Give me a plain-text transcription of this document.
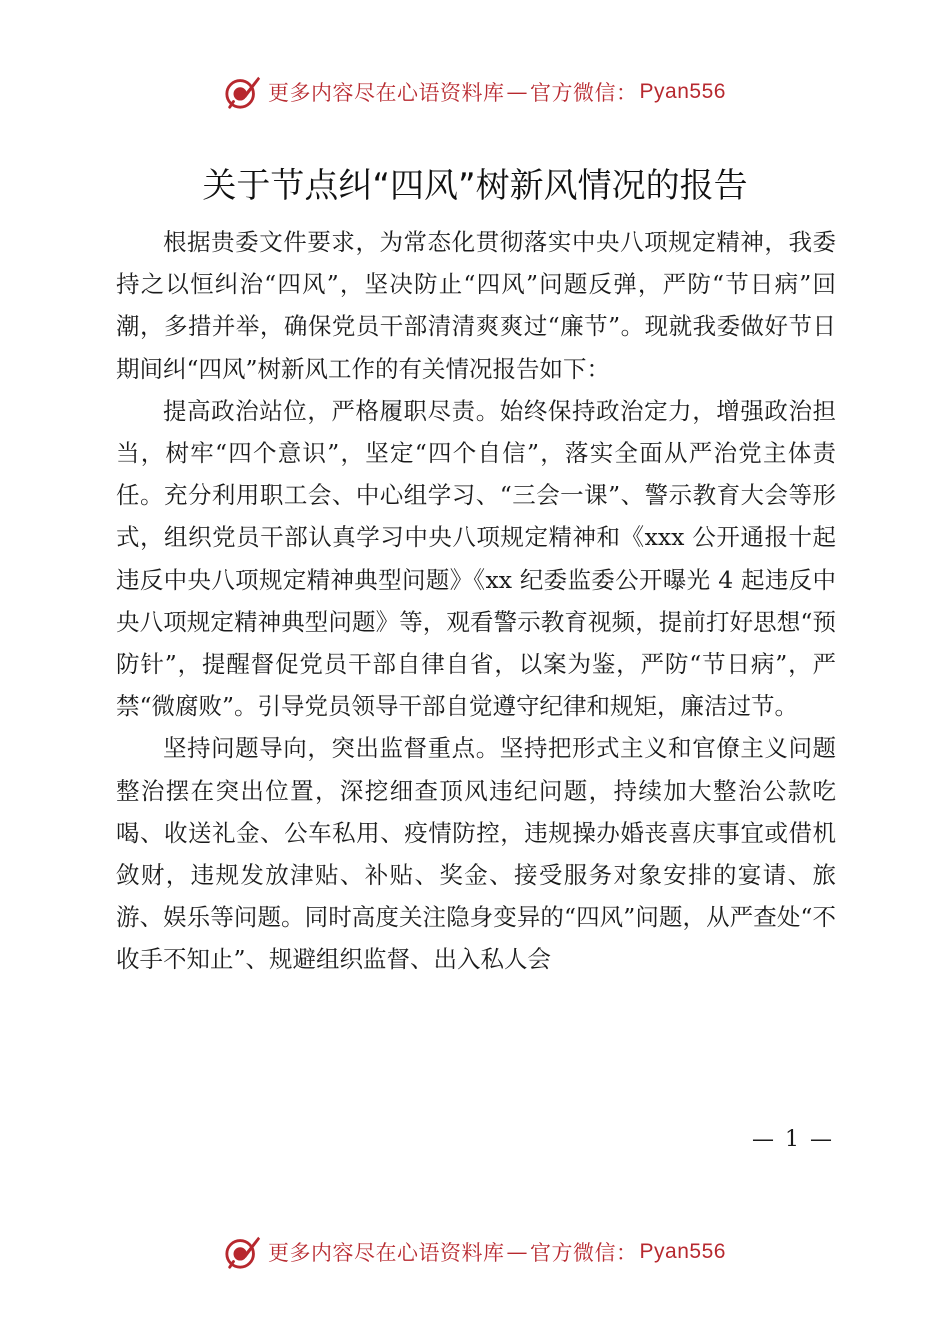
更多内容尽在心语资料库 — 官方微信： Pyan556
关于节点纠“四风”树新风情况的报告

根据贵委文件要求，为常态化贯彻落实中央八项规定精神，我委持之以恒纠治“四风”，坚决防止“四风”问题反弹，严防“节日病”回潮，多措并举，确保党员干部清清爽爽过“廉节”。现就我委做好节日期间纠“四风”树新风工作的有关情况报告如下：

提高政治站位，严格履职尽责。始终保持政治定力，增强政治担当，树牢“四个意识”，坚定“四个自信”，落实全面从严治党主体责任。充分利用职工会、中心组学习、“三会一课”、警示教育大会等形式，组织党员干部认真学习中央八项规定精神和《xxx 公开通报十起违反中央八项规定精神典型问题》《xx 纪委监委公开曝光 4 起违反中央八项规定精神典型问题》等，观看警示教育视频，提前打好思想“预防针”，提醒督促党员干部自律自省，以案为鉴，严防“节日病”，严禁“微腐败”。引导党员领导干部自觉遵守纪律和规矩，廉洁过节。

坚持问题导向，突出监督重点。坚持把形式主义和官僚主义问题整治摆在突出位置，深挖细查顶风违纪问题，持续加大整治公款吃喝、收送礼金、公车私用、疫情防控，违规操办婚丧喜庆事宜或借机敛财，违规发放津贴、补贴、奖金、接受服务对象安排的宴请、旅游、娱乐等问题。同时高度关注隐身变异的“四风”问题，从严查处“不收手不知止”、规避组织监督、出入私人会

— 1 —
更多内容尽在心语资料库 — 官方微信： Pyan556
